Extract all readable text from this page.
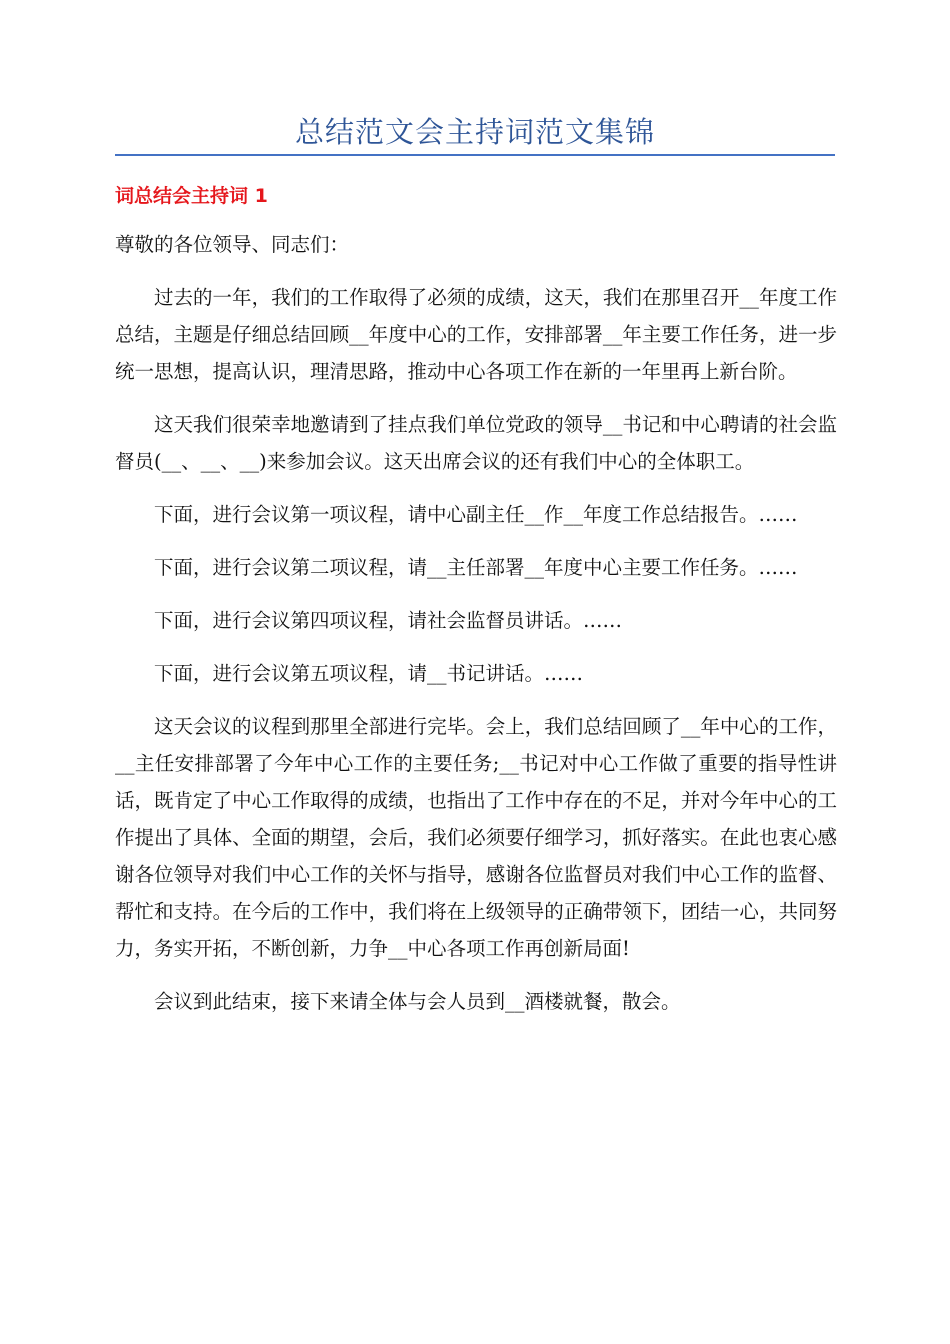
总结范文会主持词范文集锦
词总结会主持词 1

尊敬的各位领导、同志们：

过去的一年，我们的工作取得了必须的成绩，这天，我们在那里召开__年度工作总结，主题是仔细总结回顾__年度中心的工作，安排部署__年主要工作任务，进一步统一思想，提高认识，理清思路，推动中心各项工作在新的一年里再上新台阶。

这天我们很荣幸地邀请到了挂点我们单位党政的领导__书记和中心聘请的社会监督员(__、__、__)来参加会议。这天出席会议的还有我们中心的全体职工。

下面，进行会议第一项议程，请中心副主任__作__年度工作总结报告。……

下面，进行会议第二项议程，请__主任部署__年度中心主要工作任务。……

下面，进行会议第四项议程，请社会监督员讲话。……

下面，进行会议第五项议程，请__书记讲话。……

这天会议的议程到那里全部进行完毕。会上，我们总结回顾了__年中心的工作，__主任安排部署了今年中心工作的主要任务;__书记对中心工作做了重要的指导性讲话，既肯定了中心工作取得的成绩，也指出了工作中存在的不足，并对今年中心的工作提出了具体、全面的期望，会后，我们必须要仔细学习，抓好落实。在此也衷心感谢各位领导对我们中心工作的关怀与指导，感谢各位监督员对我们中心工作的监督、帮忙和支持。在今后的工作中，我们将在上级领导的正确带领下，团结一心，共同努力，务实开拓，不断创新，力争__中心各项工作再创新局面!

会议到此结束，接下来请全体与会人员到__酒楼就餐，散会。
